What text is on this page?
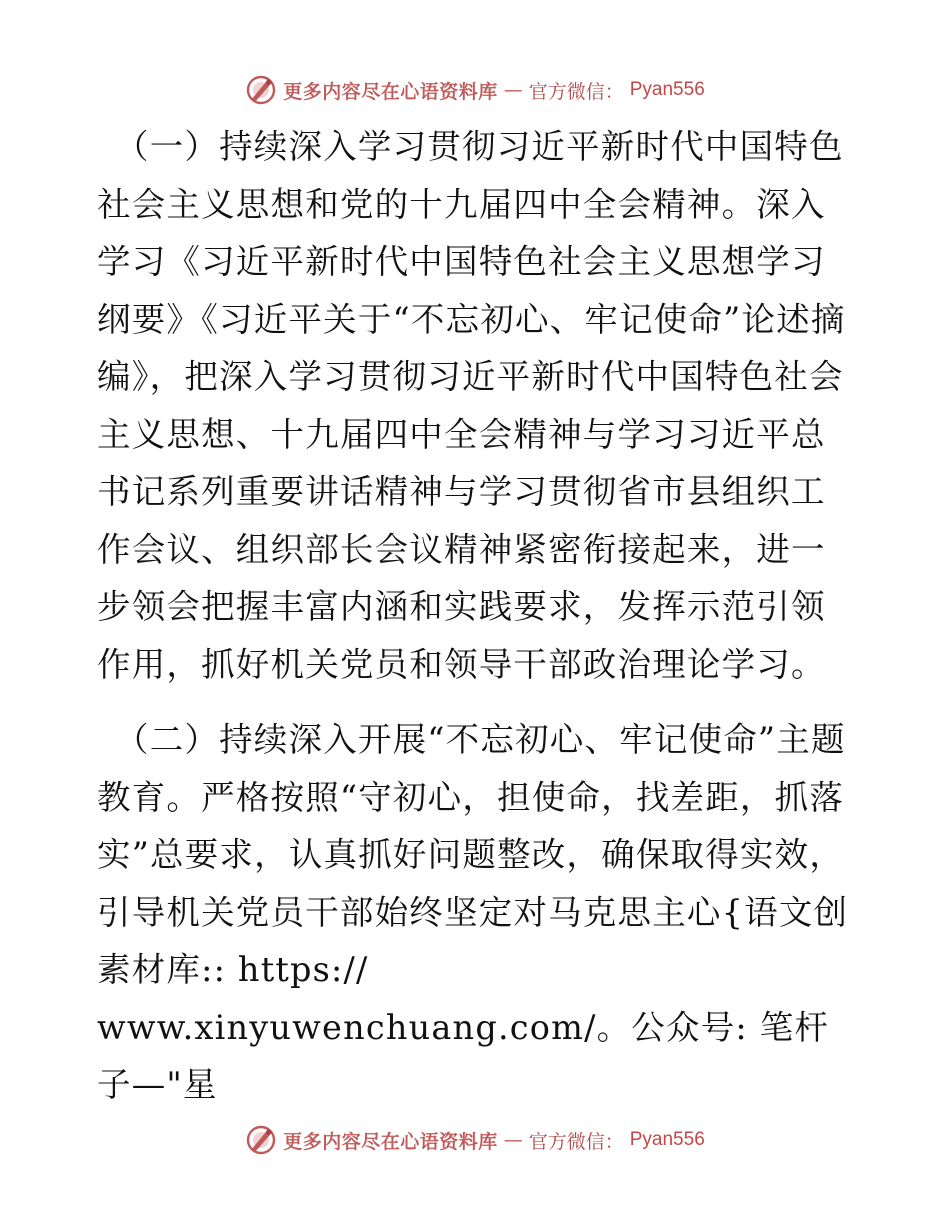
更多内容尽在心语资料库 — 官方微信： Pyan556

（一）持续深入学习贯彻习近平新时代中国特色社会主义思想和党的十九届四中全会精神。深入学习《习近平新时代中国特色社会主义思想学习纲要》《习近平关于“不忘初心、牢记使命”论述摘编》，把深入学习贯彻习近平新时代中国特色社会主义思想、十九届四中全会精神与学习习近平总书记系列重要讲话精神与学习贯彻省市县组织工作会议、组织部长会议精神紧密衔接起来，进一步领会把握丰富内涵和实践要求，发挥示范引领作用，抓好机关党员和领导干部政治理论学习。

（二）持续深入开展“不忘初心、牢记使命”主题教育。严格按照“守初心，担使命，找差距，抓落实”总要求，认真抓好问题整改，确保取得实效，引导机关党员干部始终坚定对马克思主心{语文创素材库:: https://

www.xinyuwenchuang.com/。公众号: 笔杆子—"星

更多内容尽在心语资料库 — 官方微信： Pyan556
